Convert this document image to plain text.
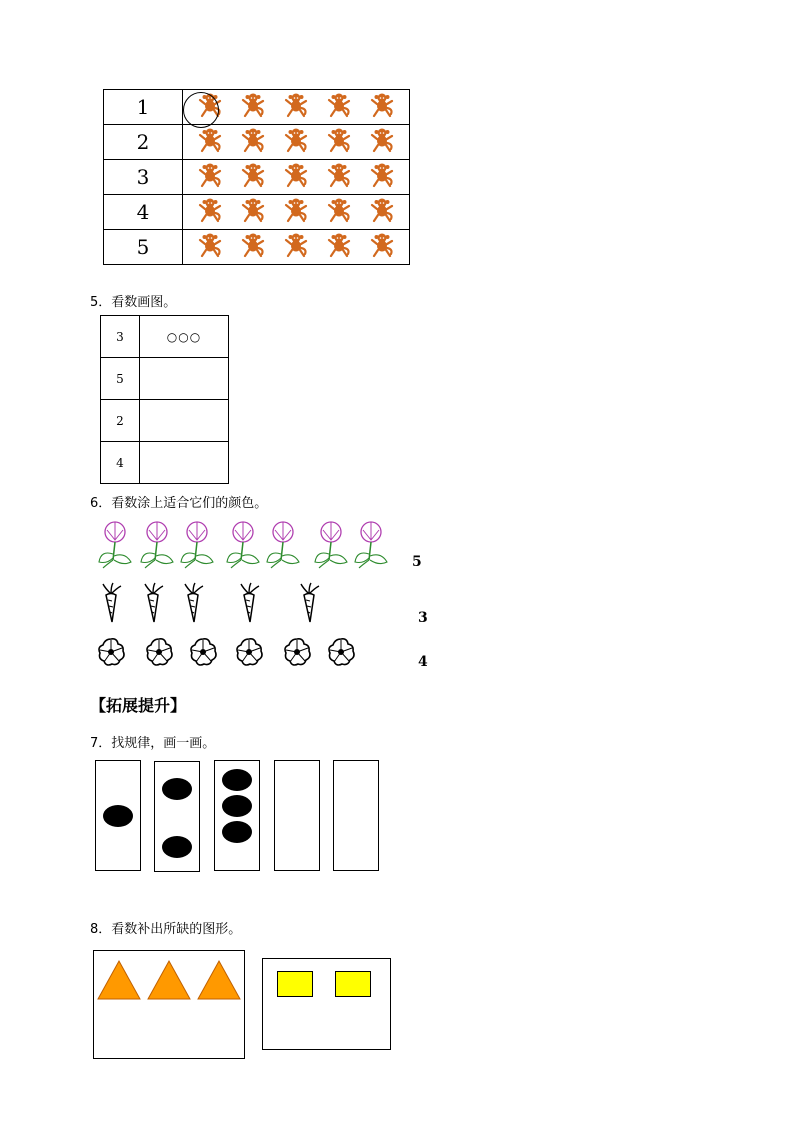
1	

2	

3	

4	

5	
5．看数画图。
3	○○○
5	
2	
4	
6．看数涂上适合它们的颜色。
5
3
4
【拓展提升】
7．找规律，画一画。
8．看数补出所缺的图形。
